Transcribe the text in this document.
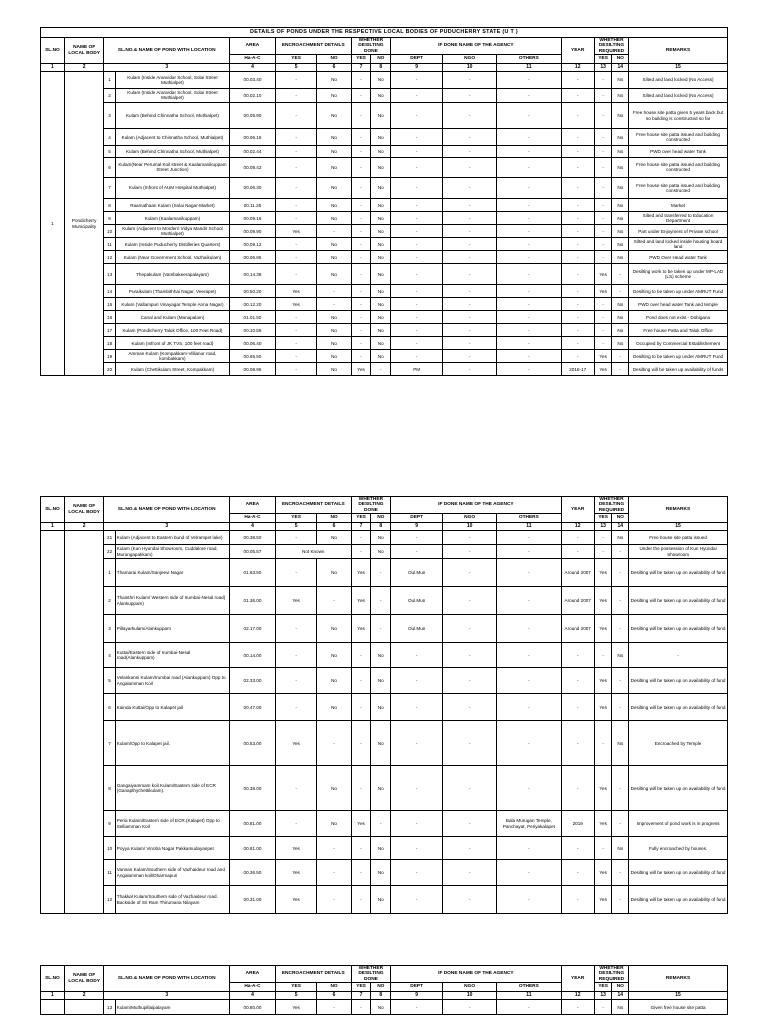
DETAILS OF PONDS UNDER THE RESPECTIVE LOCAL BODIES OF PUDUCHERRY STATE (U T )															
SL.NO	NAME OF LOCAL BODY	SL.NO.& NAME OF POND WITH LOCATION		AREA	ENCROACHMENT DETAILS		WHETHER DESILTING DONE		IF DONE NAME OF THE AGENCY			YEAR	WHETHER DESILTING REQUIRED		REMARKS
				Ha-A-C	YES	NO	YES	NO	DEPT	NGO	OTHERS		YES	NO	
1	2	3		4	5	6	7	8	9	10	11	12	13	14	15
1	Pondicherry Municipality	1	Kulam (Inside Aranvidar School, Solai Street Muthialpet)	00.03.40	-	No	-	No	-	-	-	-	-	No	Silted and land locked (No Access)
		2	Kulam (Inside Aranvidar School, Solai Street Muthialpet)	00.02.10	-	No	-	No	-	-	-	-	-	No	Silted and land locked (No Access)
		3	Kulam (Behind Chinnatha School, Muthialpet)	00.05.90	-	No	-	No	-	-	-	-	-	No	Free house site patta given 5 years back but no building is constructed so far
		4	Kulam (Adjacent to Chinnatha School, Muthialpet)	00.06.15	-	No	-	No	-	-	-	-	-	No	Free house site patta issued and building constructed
		5	Kulam (Behind Chinnatha School, Muthialpet)	00.02.44	-	No	-	No	-	-	-	-	-	No	PWD over head water Tank
		6	Kulam(Near Perumal Koil street & Kaalamanikuppam Street Junction)	00.09.42	-	No	-	No	-	-	-	-	-	No	Free house site patta issued and building constructed
		7	Kulam (Infront of AUM Hospital Muthialpet)	00.06.30	-	No	-	No	-	-	-	-	-	No	Free house site patta issued and building constructed
		8	Raamathaan Kulam (Solai Nagar-Market)	00.11.25	-	No	-	No	-	-	-	-	-	No	Market
		9	Kulam (Kaalamanikuppam)	00.09.16	-	No	-	No	-	-	-	-	-	No	Silted and transferred to Education Department
		10	Kulam (Adjacent to Mordern Vidya Mandir School Muthialpet)	00.09.90	Yes	-	-	No	-	-	-	-	-	No	Part under Enjoyment of Private school
		11	Kulam (Inside Puducherry Distilleries Quarters)	00.09.12	-	No	-	No	-	-	-	-	-	No	Silted and land locked inside housing board land
		12	Kulam (Near Government School, Vazhaikulam)	00.06.86	-	No	-	No	-	-	-	-	-	No	PWD Over Head water Tank
		13	Thepakulam (Vambakeerapalayam)	00.14.38	-	No	-	No	-	-	-	-	Yes	-	Desilting work to be taken up under MP-LAD (LS) scheme
		14	Puraikulam (Thambithhai Nagar, Veerapet)	00.50.20	Yes	-	-	No	-	-	-	-	Yes	-	Desilting to be taken up under AMRUT Fund
		15	Kulam (Vallampuri Vinayagar Temple Anna Nagar)	00.12.20	Yes	-	-	No	-	-	-	-	-	No	PWD over head water Tank and temple
		16	Canal and Kulam (Manapalam)	01.01.50	-	No	-	No	-	-	-	-	-	No	Pond does not exist - Dobigana
		17	Kulam (Pondicherry Taluk Office, 100 Feet Road)	00.10.55	-	No	-	No	-	-	-	-	-	No	Free house Patta and Taluk Office
		18	Kulam (Infront of JK TVS, 100 feet road)	00.06.40	-	No	-	No	-	-	-	-	-	No	Occupied by Commercial Establishement
		19	Amman Kulam (Kompakkam-Villianur road, kombakkam)	00.65.50	-	No	-	No	-	-	-	-	Yes	-	Desilting to be taken up under AMRUT Fund
		20	Kulam (Chettikulam Street, Kompakkam)	00.08.95	-	No	Yes	-	PM	-	-	2016-17	Yes	-	Desilting will be taken up availability of funds
SL.NO	NAME OF LOCAL BODY	SL.NO.& NAME OF POND WITH LOCATION		AREA	ENCROACHMENT DETAILS		WHETHER DESILTING DONE		IF DONE NAME OF THE AGENCY			YEAR	WHETHER DESILTING REQUIRED		REMARKS
				Ha-A-C	YES	NO	YES	NO	DEPT	NGO	OTHERS		YES	NO	
1	2	3		4	5	6	7	8	9	10	11	12	13	14	15
		21	Kulam (Adjacent to Eastern bund of Velrampet lake)	00.38.50	-	No	-	No	-	-	-	-	-	No	Free house site patta issued
		22	Kulam (Kun Hyundai Showroom, Cuddalore road, Murungapakkam)	00.05.57	Not Known		-	No	-	-	-	-	-	-	Under the possession of Kun Hyundai Showroom
		1	Thamarai Kulam/Sanjeevi Nagar	01.63.50	-	No	Yes	-	Oul.Mun	-	-	Around 2007	Yes	-	Desilting will be taken up on availability of fund
		2	Thainthri Kulam/ Western side of Irumbai-Nesal road( Alankuppam)	01.36.00	Yes	-	Yes	-	Oul.Mun	-	-	Around 2007	Yes	-	Desilting will be taken up on availability of fund
		3	Pillayarkulam/Alankuppam	02.17.00	-	No	Yes	-	Oul.Mun	-	-	Around 2007	Yes	-	Desilting will be taken up on availability of fund
		4	Kuttai/Eastern side of Irumbai-Nesal road(Alankuppam)	00.14.00	-	No	-	No	-	-	-	-	-	No	-
		5	Velankanni Kulam/Irumbai road (Alankuppam) Opp to Angalamman Koil	02.33.00	-	No	-	No	-	-	-	-	Yes	-	Desilting will be taken up on availability of fund
		6	Kainda Kuttai/Opp to Kalapet jail	00.47.00	-	No	-	No	-	-	-	-	Yes	-	Desilting will be taken up on availability of fund
		7	Kulam/Opp to Kalapet jail.	00.53.00	Yes	-	-	No	-	-	-	-	-	No	Encroached by Temple
		8	Gangaiyammam koil Kulam/Eastern side of ECR (Ganapthychettikulam).	00.38.00	-	No	-	No	-	-	-	-	Yes	-	Desilting will be taken up on availability of fund
		9	Peria Kulam/Eastern side of ECR.(Kalapet) Opp to Selliamman Koil	00.81.00	-	No	Yes	-	-	-	Bala Murugan Temple, Panchayat, Periyakalapet	2019	Yes	-	Improvement of pond work is in progress
		10	Poyya Kulam/ Vinoba Nagar Pakkamudayanpet	00.81.00	Yes	-	-	No	-	-	-	-	-	No	Fully encroached by houses.
		11	Vannan Kulam/Southern side of Vazhaideur road and Angalamman koil/Dharmapuri	00.36.50	Yes	-	-	No	-	-	-	-	Yes	-	Desilting will be taken up on availability of fund
		12	Thakkal Kulam/Southern side of Vazhaideur road. Backside of Sri Ram Thirumana Nilayam	00.31.00	Yes	-	-	No	-	-	-	-	Yes	-	Desilting will be taken up on availability of fund
SL.NO	NAME OF LOCAL BODY	SL.NO.& NAME OF POND WITH LOCATION		AREA	ENCROACHMENT DETAILS		WHETHER DESILTING DONE		IF DONE NAME OF THE AGENCY			YEAR	WHETHER DESILTING REQUIRED		REMARKS
				Ha-A-C	YES	NO	YES	NO	DEPT	NGO	OTHERS		YES	NO	
1	2	3		4	5	6	7	8	9	10	11	12	13	14	15
		13	Kulam/Muthupillaipalayam	00.80.00	Yes	-	-	No	-	-	-	-	-	No	Given free house site patta
